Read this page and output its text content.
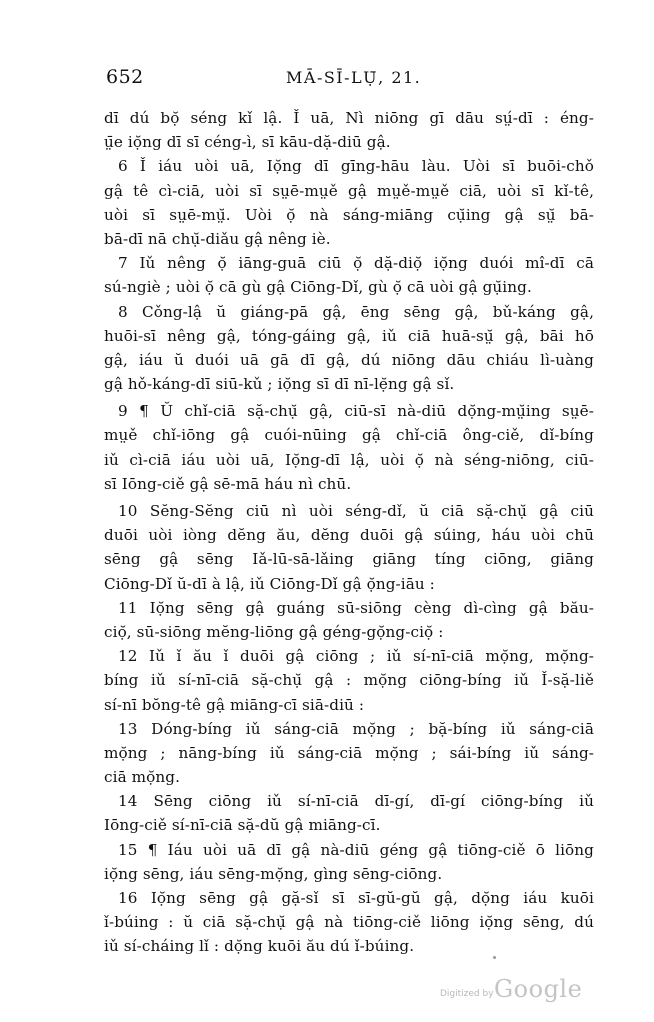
652	MĀ-SĪ-LỤ̄, 21.
dī dú bọ̆ séng kǐ lậ. Ǐ uā, Nì niōng gī dāu sṳ́-dī : éng-
ṳ̄e iọ̆ng dī sī céng-ì, sī kāu-dặ-diū gậ.
6 Ǐ iáu uòi uā, Iọ̆ng dī gīng-hāu làu. Uòi sī buōi-chǒ
gậ tê cì-ciā, uòi sī sṳē-mṳě gậ mṳě-mṳě ciā, uòi sī kǐ-tê,
uòi sī sṳē-mṳ̆. Uòi ọ̆ nà sáng-miāng cụ̆ing gậ sṳ̆ bā-
bā-dī nā chụ̆-diǎu gậ nêng iè.
7 Iǔ nêng ọ̆ iāng-guā ciū ọ̆ dặ-diọ̆ iọ̆ng duói mî-dī cā
sú-ngiè ; uòi ọ̆ cā gù gậ Ciōng-Dǐ, gù ọ̆ cā uòi gậ gụ̆ing.
8 Cǒng-lậ ŭ giáng-pā gậ, ēng sēng gậ, bǔ-káng gậ,
huōi-sī nêng gậ, tóng-gáing gậ, iǔ ciā huā-sṳ̆ gậ, bāi hō
gậ, iáu ŭ duói uā gā dī gậ, dú niōng dāu chiáu lì-uàng
gậ hǒ-káng-dī siū-kǔ ; iọ̆ng sī dī nī-lẹ̆ng gậ sǐ.
9 ¶ Ŭ chǐ-ciā sặ-chụ̆ gậ, ciū-sī nà-diū dọ̆ng-mṳ̆ing sṳē-
mṳě chǐ-iōng gậ cuói-nūing gậ chǐ-ciā ông-ciě, dǐ-bíng
iǔ cì-ciā iáu uòi uā, Iọ̆ng-dī lậ, uòi ọ̆ nà séng-niōng, ciū-
sī Iōng-ciě gậ sē-mā háu nì chū.
10 Sĕng-Sĕng ciū nì uòi séng-dǐ, ŭ ciā sặ-chụ̆ gậ ciū
duōi uòi iòng dĕng ău, dĕng duōi gậ súing, háu uòi chū
sēng gậ sēng Iǎ-lū-sā-lǎing giāng tíng ciōng, giāng
Ciōng-Dǐ ŭ-dī à lậ, iǔ Ciōng-Dǐ gậ ọ̆ng-iāu :
11 Iọ̆ng sēng gậ guáng sū-siōng cèng dì-cìng gậ bău-
ciọ̆, sū-siōng mĕng-liōng gậ géng-gọ̆ng-ciọ̆ :
12 Iǔ ǐ ău ǐ duōi gậ ciōng ; iǔ sí-nī-ciā mọ̆ng, mọ̆ng-
bíng iǔ sí-nī-ciā sặ-chụ̆ gậ : mọ̆ng ciōng-bíng iǔ Ǐ-sặ-liě
sí-nī bŏng-tê gậ miāng-cī siā-diū :
13 Dóng-bíng iǔ sáng-ciā mọ̆ng ; bặ-bíng iǔ sáng-ciā
mọ̆ng ; nāng-bíng iǔ sáng-ciā mọ̆ng ; sái-bíng iǔ sáng-
ciā mọ̆ng.
14 Sēng ciōng iǔ sí-nī-ciā dī-gí, dī-gí ciōng-bíng iǔ
Iōng-ciě sí-nī-ciā sặ-dŭ gậ miāng-cī.
15 ¶ Iáu uòi uā dī gậ nà-diū géng gậ tiōng-ciě ō liōng
iọ̆ng sēng, iáu sēng-mọ̆ng, gìng sēng-ciōng.
16 Iọ̆ng sēng gậ gặ-sǐ sī sī-gŭ-gŭ gậ, dọ̆ng iáu kuōi
ǐ-búing : ŭ ciā sặ-chụ̆ gậ nà tiōng-ciě liōng iọ̆ng sēng, dú
iǔ sí-cháing lǐ : dọ̆ng kuōi ău dú ǐ-búing.
Digitized by Google
